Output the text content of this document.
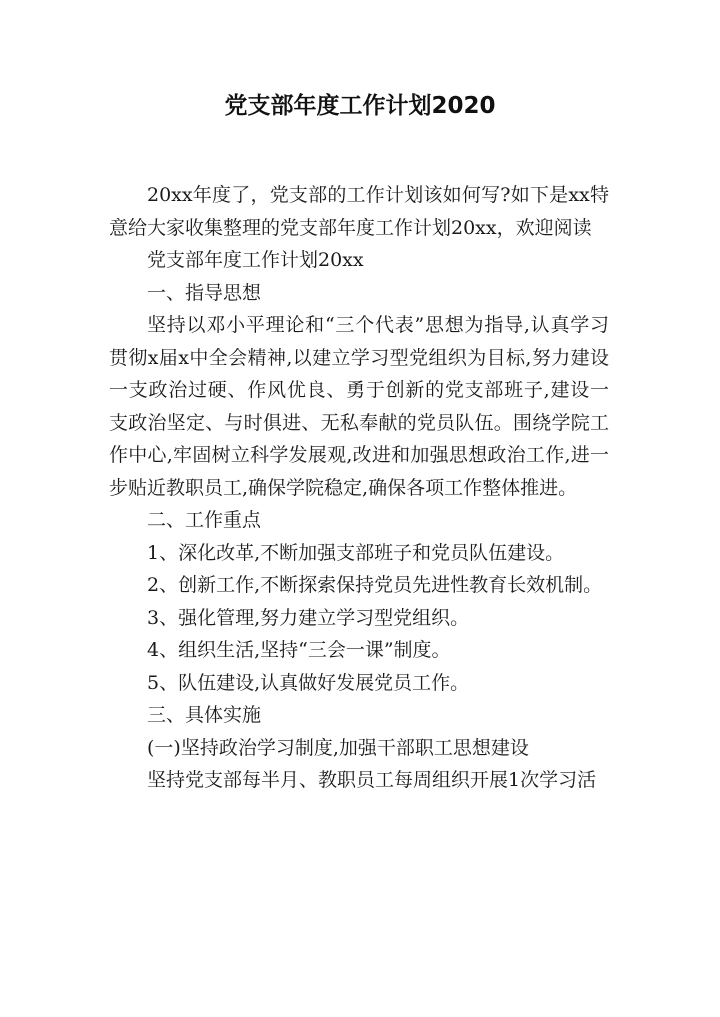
党支部年度工作计划2020

20xx年度了，党支部的工作计划该如何写?如下是xx特意给大家收集整理的党支部年度工作计划20xx，欢迎阅读

党支部年度工作计划20xx

一、指导思想

坚持以邓小平理论和“三个代表”思想为指导,认真学习贯彻x届x中全会精神,以建立学习型党组织为目标,努力建设一支政治过硬、作风优良、勇于创新的党支部班子,建设一支政治坚定、与时俱进、无私奉献的党员队伍。围绕学院工作中心,牢固树立科学发展观,改进和加强思想政治工作,进一步贴近教职员工,确保学院稳定,确保各项工作整体推进。

二、工作重点

1、深化改革,不断加强支部班子和党员队伍建设。

2、创新工作,不断探索保持党员先进性教育长效机制。

3、强化管理,努力建立学习型党组织。

4、组织生活,坚持“三会一课”制度。

5、队伍建设,认真做好发展党员工作。

三、具体实施

(一)坚持政治学习制度,加强干部职工思想建设

坚持党支部每半月、教职员工每周组织开展1次学习活
